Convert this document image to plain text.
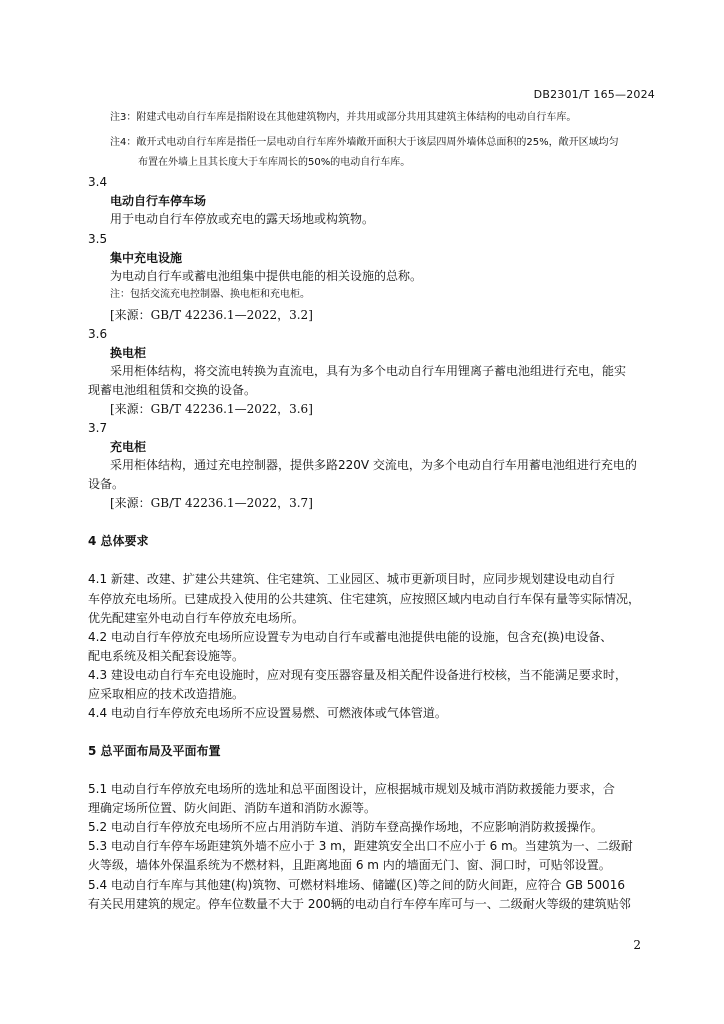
DB2301/T 165—2024
注3：附建式电动自行车库是指附设在其他建筑物内，并共用或部分共用其建筑主体结构的电动自行车库。
注4：敞开式电动自行车库是指任一层电动自行车库外墙敞开面积大于该层四周外墙体总面积的25%，敞开区域均匀
布置在外墙上且其长度大于车库周长的50%的电动自行车库。
3.4
电动自行车停车场
用于电动自行车停放或充电的露天场地或构筑物。
3.5
集中充电设施
为电动自行车或蓄电池组集中提供电能的相关设施的总称。
注：包括交流充电控制器、换电柜和充电柜。
[来源：GB/T 42236.1—2022，3.2]
3.6
换电柜
采用柜体结构，将交流电转换为直流电，具有为多个电动自行车用锂离子蓄电池组进行充电，能实
现蓄电池组租赁和交换的设备。
[来源：GB/T 42236.1—2022，3.6]
3.7
充电柜
采用柜体结构，通过充电控制器，提供多路220V 交流电，为多个电动自行车用蓄电池组进行充电的
设备。
[来源：GB/T 42236.1—2022，3.7]
4 总体要求
4.1 新建、改建、扩建公共建筑、住宅建筑、工业园区、城市更新项目时，应同步规划建设电动自行
车停放充电场所。已建成投入使用的公共建筑、住宅建筑，应按照区域内电动自行车保有量等实际情况，
优先配建室外电动自行车停放充电场所。
4.2 电动自行车停放充电场所应设置专为电动自行车或蓄电池提供电能的设施，包含充(换)电设备、
配电系统及相关配套设施等。
4.3 建设电动自行车充电设施时，应对现有变压器容量及相关配件设备进行校核，当不能满足要求时，
应采取相应的技术改造措施。
4.4 电动自行车停放充电场所不应设置易燃、可燃液体或气体管道。
5 总平面布局及平面布置
5.1 电动自行车停放充电场所的选址和总平面图设计，应根据城市规划及城市消防救援能力要求，合
理确定场所位置、防火间距、消防车道和消防水源等。
5.2 电动自行车停放充电场所不应占用消防车道、消防车登高操作场地，不应影响消防救援操作。
5.3 电动自行车停车场距建筑外墙不应小于 3 m，距建筑安全出口不应小于 6 m。当建筑为一、二级耐
火等级，墙体外保温系统为不燃材料，且距离地面 6 m 内的墙面无门、窗、洞口时，可贴邻设置。
5.4 电动自行车库与其他建(构)筑物、可燃材料堆场、储罐(区)等之间的防火间距，应符合 GB 50016
有关民用建筑的规定。停车位数量不大于 200辆的电动自行车停车库可与一、二级耐火等级的建筑贴邻
2
